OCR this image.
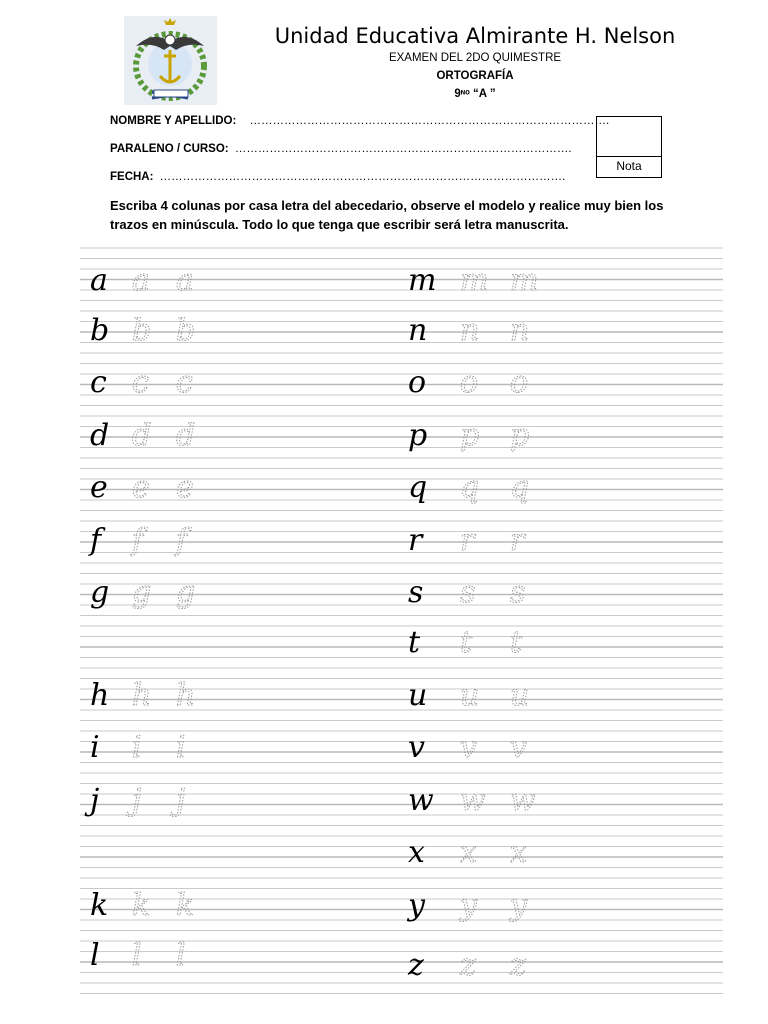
Unidad Educativa Almirante H. Nelson
EXAMEN DEL 2DO QUIMESTRE
ORTOGRAFÍA
9ᶰᵒ “A ”
NOMBRE Y APELLIDO: ………………………………………………………………………………….
PARALENO / CURSO: …………………………………………………………………………….
FECHA: …………………………………………………………………………………………….
Nota
Escriba 4 colunas por casa letra del abecedario, observe el modelo y realice muy bien los trazos en minúscula. Todo lo que tenga que escribir será letra manuscrita.
a a a
b b b
c c c
d d d
e e e
f f f
g g g
h h h
i i i
j j j
k k k
l l l
m m m
n n n
o o o
p p p
q q q
r r r
s s s
t t t
u u u
v v v
w w w
x x x
y y y
z z z
